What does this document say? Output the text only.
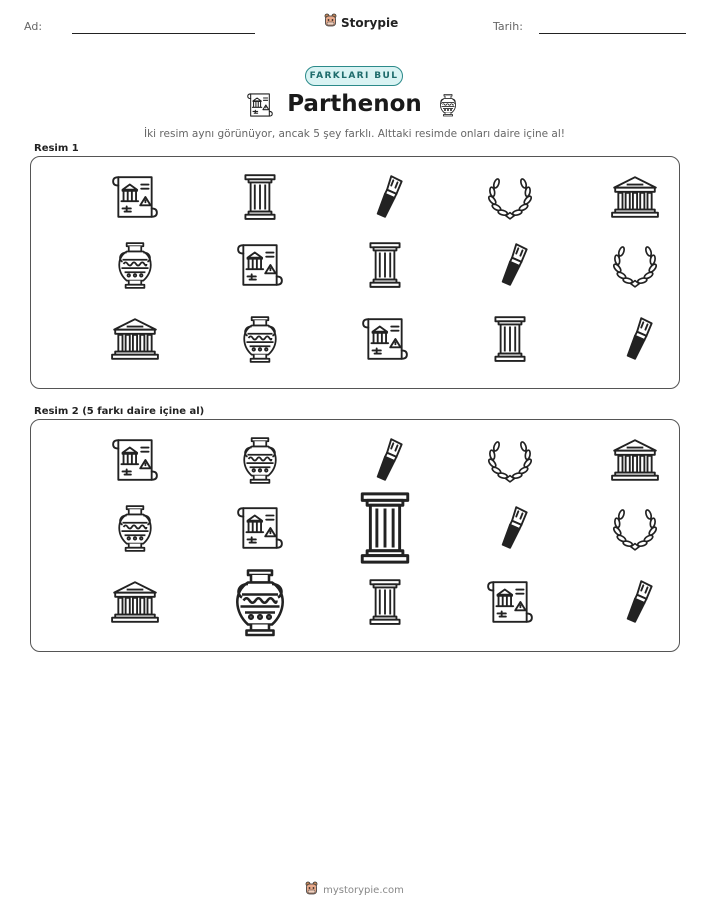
Ad:	Storypie	Tarih:
FARKLARI BUL
Parthenon
İki resim aynı görünüyor, ancak 5 şey farklı. Alttaki resimde onları daire içine al!
Resim 1
Resim 2 (5 farkı daire içine al)
mystorypie.com
